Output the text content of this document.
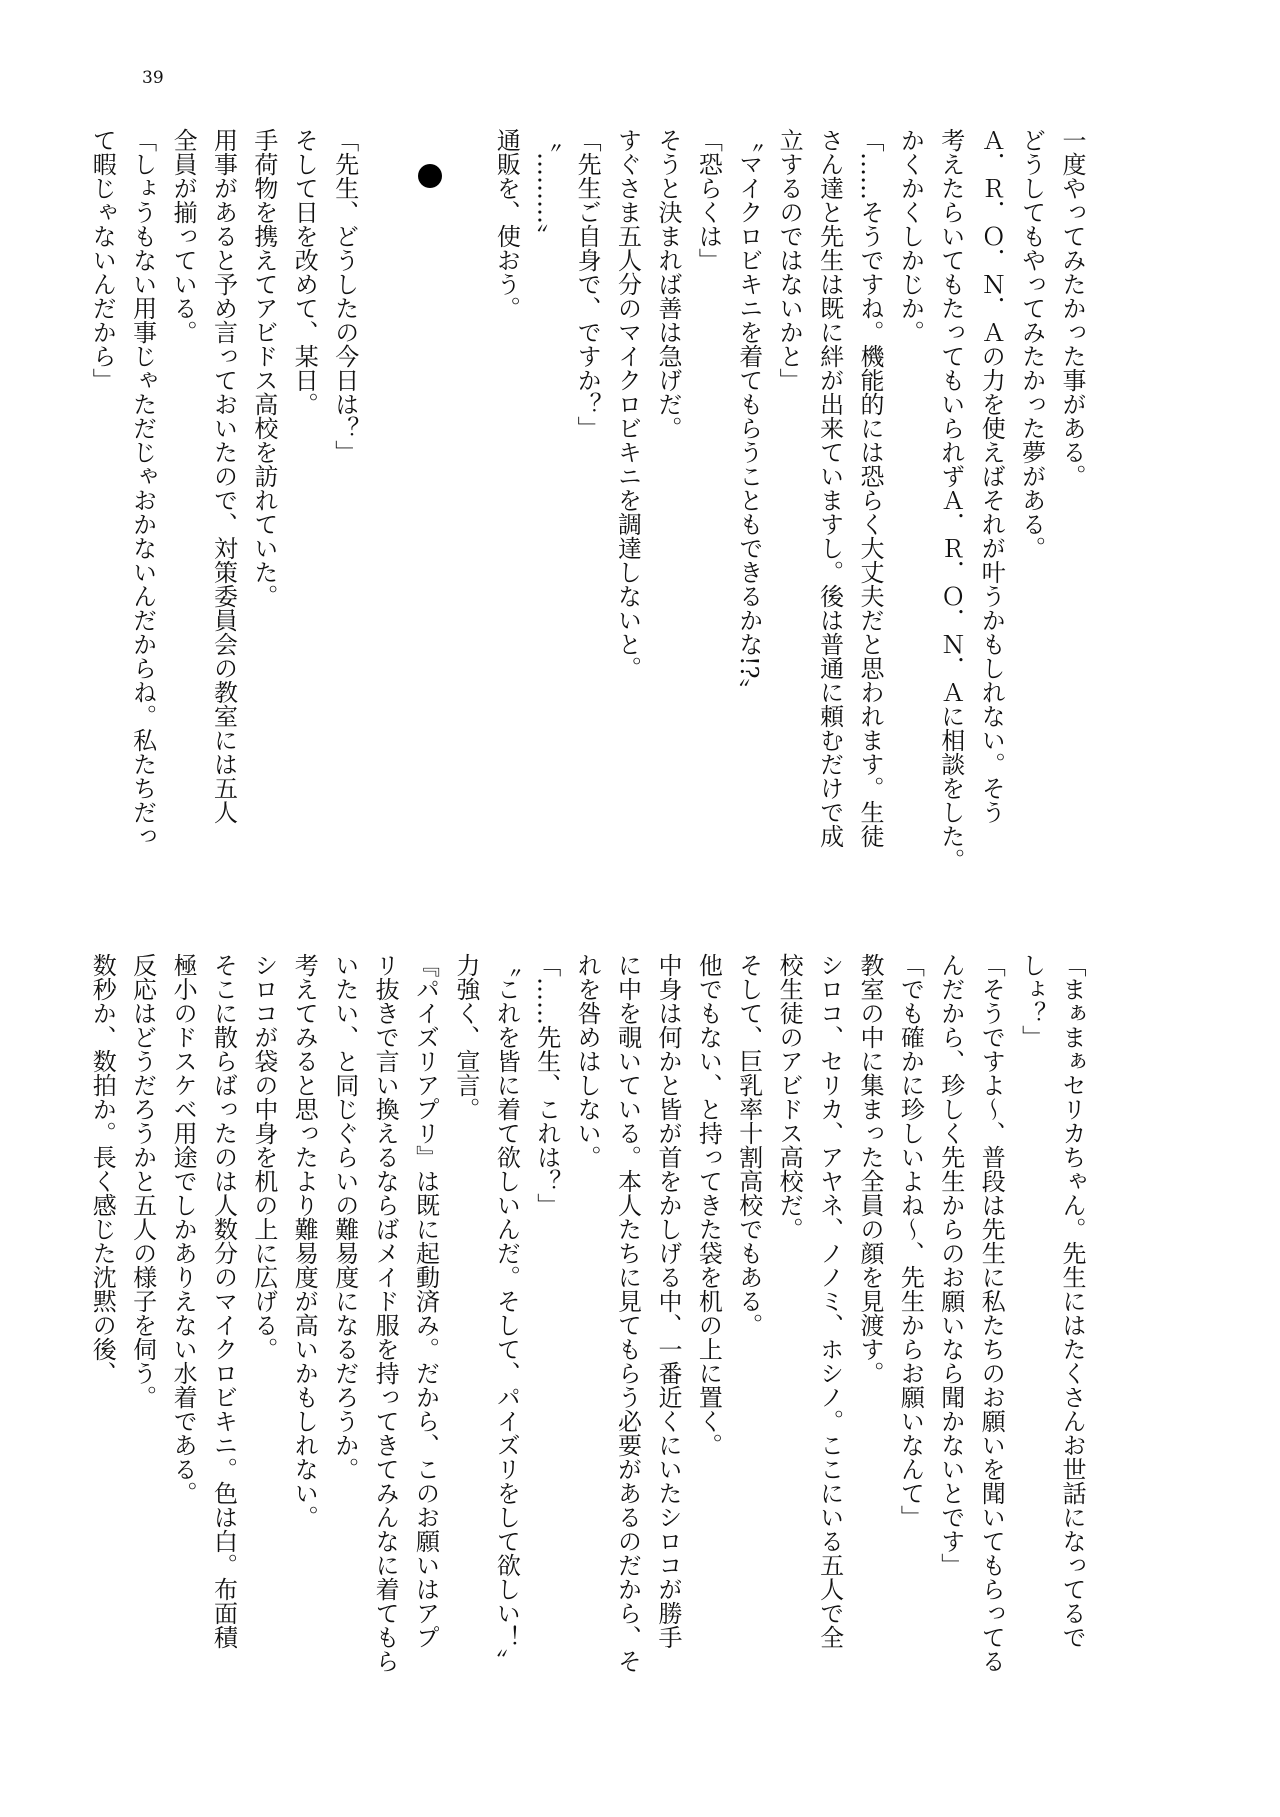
39
一度やってみたかった事がある。
どうしてもやってみたかった夢がある。
Ａ．Ｒ．Ｏ．Ｎ．Ａの力を使えばそれが叶うかもしれない。そう
考えたらいてもたってもいられずＡ．Ｒ．Ｏ．Ｎ．Ａに相談をした。
かくかくしかじか。
「……そうですね。機能的には恐らく大丈夫だと思われます。生徒
さん達と先生は既に絆が出来ていますし。後は普通に頼むだけで成
立するのではないかと」
〝マイクロビキニを着てもらうこともできるかな!?〟
「恐らくは」
そうと決まれば善は急げだ。
すぐさま五人分のマイクロビキニを調達しないと。
「先生ご自身で、ですか？」
〝………〟
通販を、使おう。
「先生、どうしたの今日は？」
そして日を改めて、某日。
手荷物を携えてアビドス高校を訪れていた。
用事があると予め言っておいたので、対策委員会の教室には五人
全員が揃っている。
「しょうもない用事じゃただじゃおかないんだからね。私たちだっ
て暇じゃないんだから」
「まぁまぁセリカちゃん。先生にはたくさんお世話になってるで
しょ？」
「そうですよ～、普段は先生に私たちのお願いを聞いてもらってる
んだから、珍しく先生からのお願いなら聞かないとです」
「でも確かに珍しいよね～、先生からお願いなんて」
教室の中に集まった全員の顔を見渡す。
シロコ、セリカ、アヤネ、ノノミ、ホシノ。ここにいる五人で全
校生徒のアビドス高校だ。
そして、巨乳率十割高校でもある。
他でもない、と持ってきた袋を机の上に置く。
中身は何かと皆が首をかしげる中、一番近くにいたシロコが勝手
に中を覗いている。本人たちに見てもらう必要があるのだから、そ
れを咎めはしない。
「……先生、これは？」
〝これを皆に着て欲しいんだ。そして、パイズリをして欲しい！〟
力強く、宣言。
『パイズリアプリ』は既に起動済み。だから、このお願いはアプ
リ抜きで言い換えるならばメイド服を持ってきてみんなに着てもら
いたい、と同じぐらいの難易度になるだろうか。
考えてみると思ったより難易度が高いかもしれない。
シロコが袋の中身を机の上に広げる。
そこに散らばったのは人数分のマイクロビキニ。色は白。布面積
極小のドスケベ用途でしかありえない水着である。
反応はどうだろうかと五人の様子を伺う。
数秒か、数拍か。長く感じた沈黙の後、
